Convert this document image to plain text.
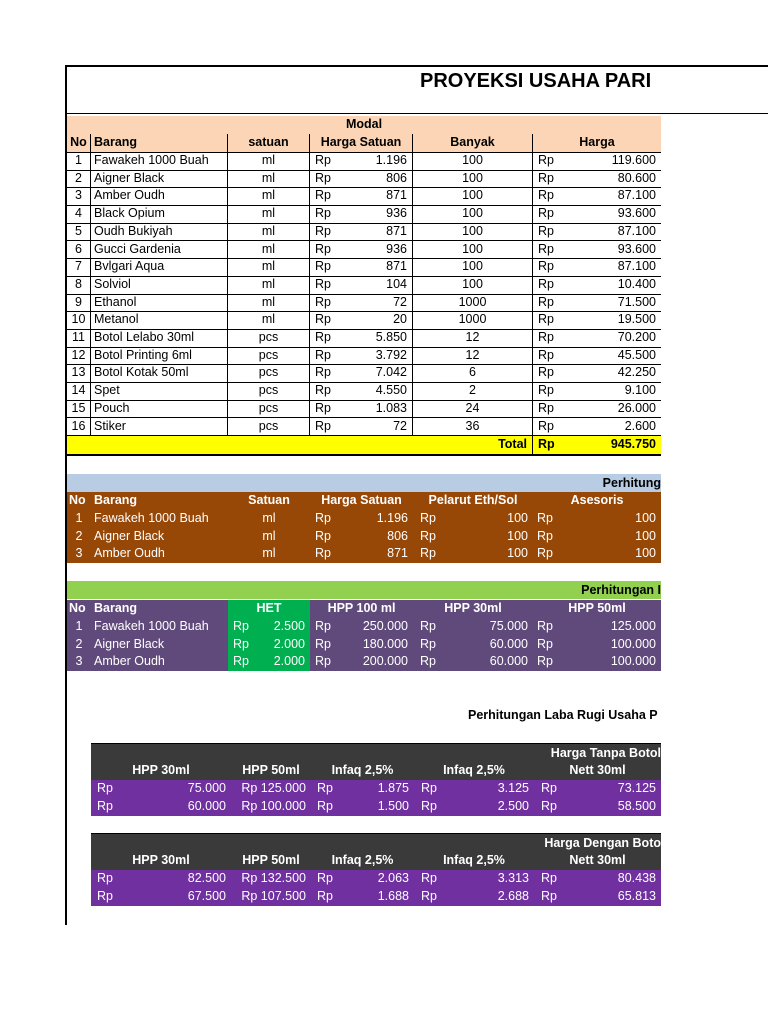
PROYEKSI USAHA PARI
Modal
No Barang	satuan	Harga Satuan	Banyak	Harga
1 Fawakeh 1000 Buah	ml	Rp	1.196	100	Rp	119.600
2 Aigner Black	ml	Rp	806	100	Rp	80.600
3 Amber Oudh	ml	Rp	871	100	Rp	87.100
4 Black Opium	ml	Rp	936	100	Rp	93.600
5 Oudh Bukiyah	ml	Rp	871	100	Rp	87.100
6 Gucci Gardenia	ml	Rp	936	100	Rp	93.600
7 Bvlgari Aqua	ml	Rp	871	100	Rp	87.100
8 Solviol	ml	Rp	104	100	Rp	10.400
9 Ethanol	ml	Rp	72	1000	Rp	71.500
10 Metanol	ml	Rp	20	1000	Rp	19.500
11 Botol Lelabo 30ml	pcs	Rp	5.850	12	Rp	70.200
12 Botol Printing 6ml	pcs	Rp	3.792	12	Rp	45.500
13 Botol Kotak 50ml	pcs	Rp	7.042	6	Rp	42.250
14 Spet	pcs	Rp	4.550	2	Rp	9.100
15 Pouch	pcs	Rp	1.083	24	Rp	26.000
16 Stiker	pcs	Rp	72	36	Rp	2.600
Total Rp	945.750
Perhitung
No Barang	Satuan	Harga Satuan	Pelarut Eth/Sol	Asesoris
1 Fawakeh 1000 Buah	ml	Rp	1.196 Rp	100 Rp	100
2 Aigner Black	ml	Rp	806 Rp	100 Rp	100
3 Amber Oudh	ml	Rp	871 Rp	100 Rp	100
Perhitungan I
No Barang	HET	HPP 100 ml	HPP 30ml	HPP 50ml
1 Fawakeh 1000 Buah	Rp	2.500 Rp	250.000 Rp	75.000 Rp	125.000
2 Aigner Black	Rp	2.000 Rp	180.000 Rp	60.000 Rp	100.000
3 Amber Oudh	Rp	2.000 Rp	200.000 Rp	60.000 Rp	100.000
Perhitungan Laba Rugi Usaha P
Harga Tanpa Botol
HPP 30ml	HPP 50ml	Infaq 2,5%	Infaq 2,5%	Nett 30ml
Rp	75.000	Rp 125.000 Rp	1.875 Rp	3.125 Rp	73.125
Rp	60.000	Rp 100.000 Rp	1.500 Rp	2.500 Rp	58.500
Harga Dengan Boto
HPP 30ml	HPP 50ml	Infaq 2,5%	Infaq 2,5%	Nett 30ml
Rp	82.500	Rp 132.500 Rp	2.063 Rp	3.313 Rp	80.438
Rp	67.500	Rp 107.500 Rp	1.688 Rp	2.688 Rp	65.813
